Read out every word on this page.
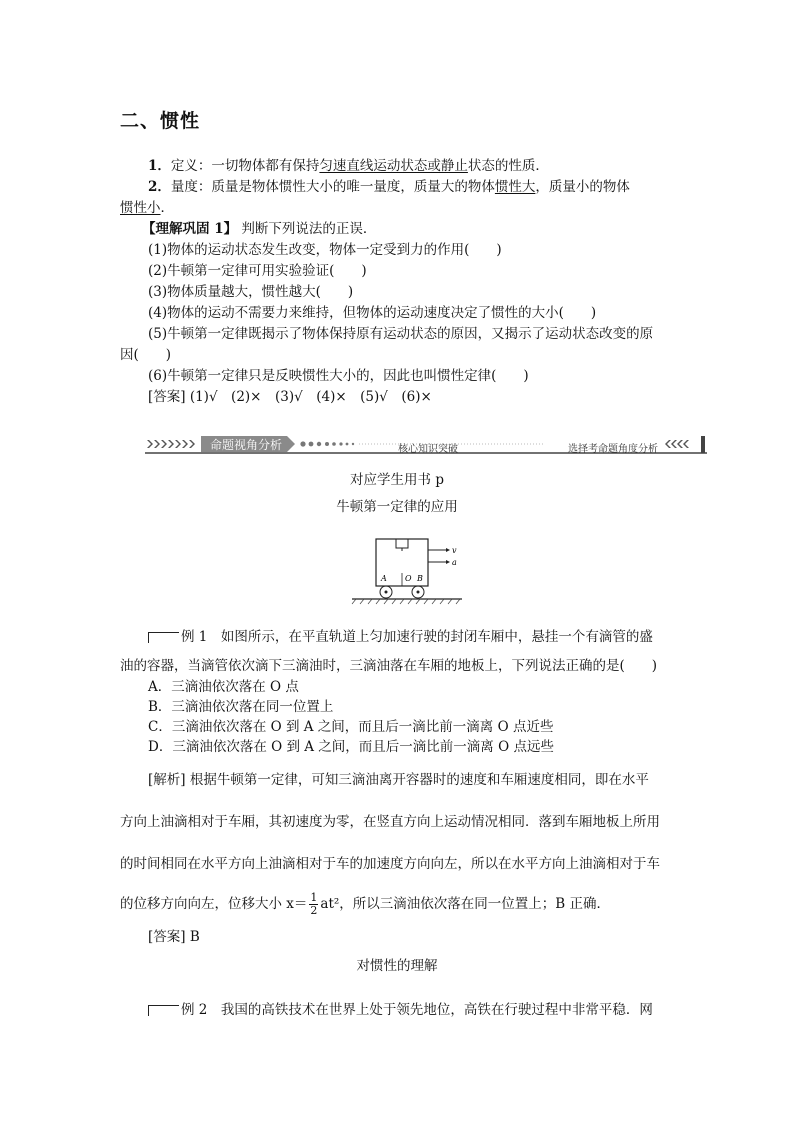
二、惯性
1．定义：一切物体都有保持匀速直线运动状态或静止状态的性质．
2．量度：质量是物体惯性大小的唯一量度，质量大的物体惯性大，质量小的物体
惯性小．
【理解巩固 1】 判断下列说法的正误．
(1)物体的运动状态发生改变，物体一定受到力的作用(　　)
(2)牛顿第一定律可用实验验证(　　)
(3)物体质量越大，惯性越大(　　)
(4)物体的运动不需要力来维持，但物体的运动速度决定了惯性的大小(　　)
(5)牛顿第一定律既揭示了物体保持原有运动状态的原因，又揭示了运动状态改变的原
因(　　)
(6)牛顿第一定律只是反映惯性大小的，因此也叫惯性定律(　　)
[答案] (1)√　(2)×　(3)√　(4)×　(5)√　(6)×
命题视角分析	核心知识突破	选择考命题角度分析
对应学生用书 p
牛顿第一定律的应用
v
a
A O B
例 1　 如图所示，在平直轨道上匀加速行驶的封闭车厢中，悬挂一个有滴管的盛
油的容器，当滴管依次滴下三滴油时，三滴油落在车厢的地板上，下列说法正确的是(　　)
A．三滴油依次落在 O 点
B．三滴油依次落在同一位置上
C．三滴油依次落在 O 到 A 之间，而且后一滴比前一滴离 O 点近些
D．三滴油依次落在 O 到 A 之间，而且后一滴比前一滴离 O 点远些
[解析] 根据牛顿第一定律，可知三滴油离开容器时的速度和车厢速度相同，即在水平
方向上油滴相对于车厢，其初速度为零，在竖直方向上运动情况相同．落到车厢地板上所用
的时间相同在水平方向上油滴相对于车的加速度方向向左，所以在水平方向上油滴相对于车
的位移方向向左，位移大小 $x= \frac{1}{2} at^2$，所以三滴油依次落在同一位置上；B 正确．
[答案] B
对惯性的理解
例 2　 我国的高铁技术在世界上处于领先地位，高铁在行驶过程中非常平稳．网
